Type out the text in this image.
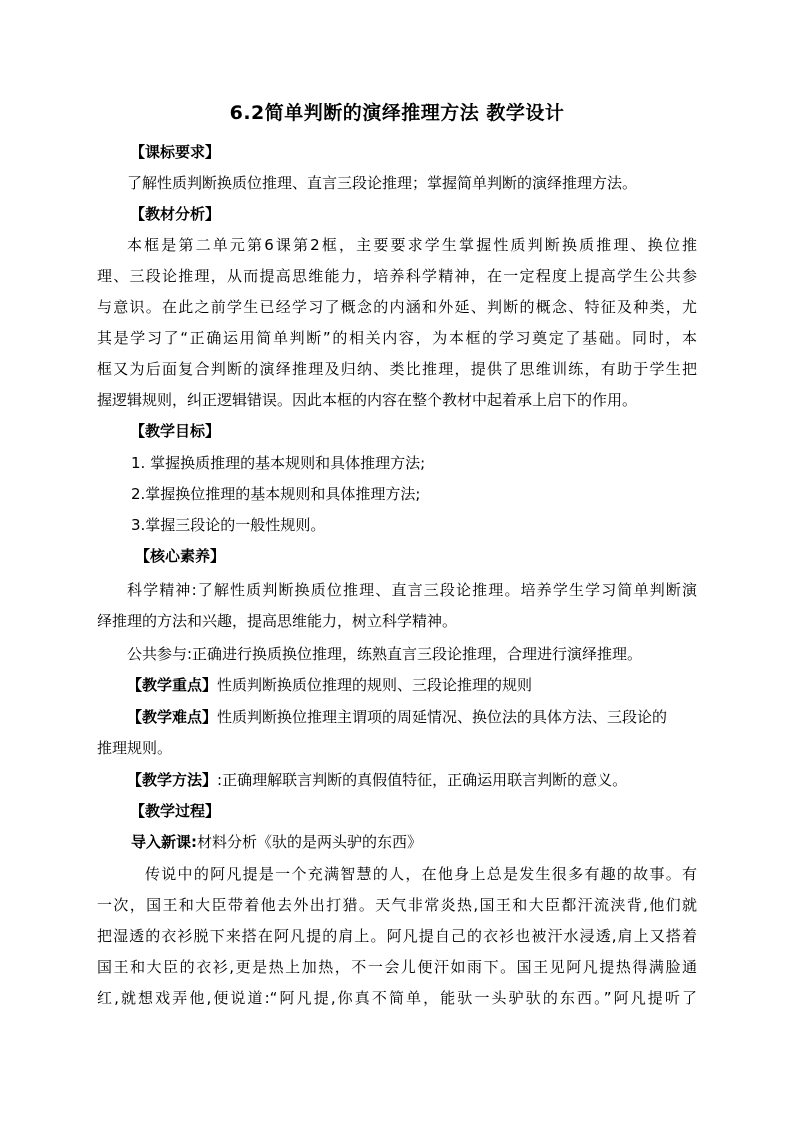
6.2简单判断的演绎推理方法 教学设计
【课标要求】
了解性质判断换质位推理、直言三段论推理；掌握简单判断的演绎推理方法。
【教材分析】
本框是第二单元第6课第2框，主要要求学生掌握性质判断换质推理、换位推
理、三段论推理，从而提高思维能力，培养科学精神，在一定程度上提高学生公共参
与意识。在此之前学生已经学习了概念的内涵和外延、判断的概念、特征及种类，尤
其是学习了“正确运用简单判断”的相关内容，为本框的学习奠定了基础。同时，本
框又为后面复合判断的演绎推理及归纳、类比推理，提供了思维训练，有助于学生把
握逻辑规则，纠正逻辑错误。因此本框的内容在整个教材中起着承上启下的作用。
【教学目标】
1. 掌握换质推理的基本规则和具体推理方法;
2.掌握换位推理的基本规则和具体推理方法;
3.掌握三段论的一般性规则。
【核心素养】
科学精神:了解性质判断换质位推理、直言三段论推理。培养学生学习简单判断演
绎推理的方法和兴趣，提高思维能力，树立科学精神。
公共参与:正确进行换质换位推理，练熟直言三段论推理，合理进行演绎推理。
【教学重点】性质判断换质位推理的规则、三段论推理的规则
【教学难点】性质判断换位推理主谓项的周延情况、换位法的具体方法、三段论的
推理规则。
【教学方法】:正确理解联言判断的真假值特征，正确运用联言判断的意义。
【教学过程】
导入新课:材料分析《驮的是两头驴的东西》
传说中的阿凡提是一个充满智慧的人，在他身上总是发生很多有趣的故事。有
一次，国王和大臣带着他去外出打猎。天气非常炎热,国王和大臣都汗流浃背,他们就
把湿透的衣衫脱下来搭在阿凡提的肩上。阿凡提自己的衣衫也被汗水浸透,肩上又搭着
国王和大臣的衣衫,更是热上加热，不一会儿便汗如雨下。国王见阿凡提热得满脸通
红,就想戏弄他,便说道:“阿凡提,你真不简单，能驮一头驴驮的东西。”阿凡提听了
